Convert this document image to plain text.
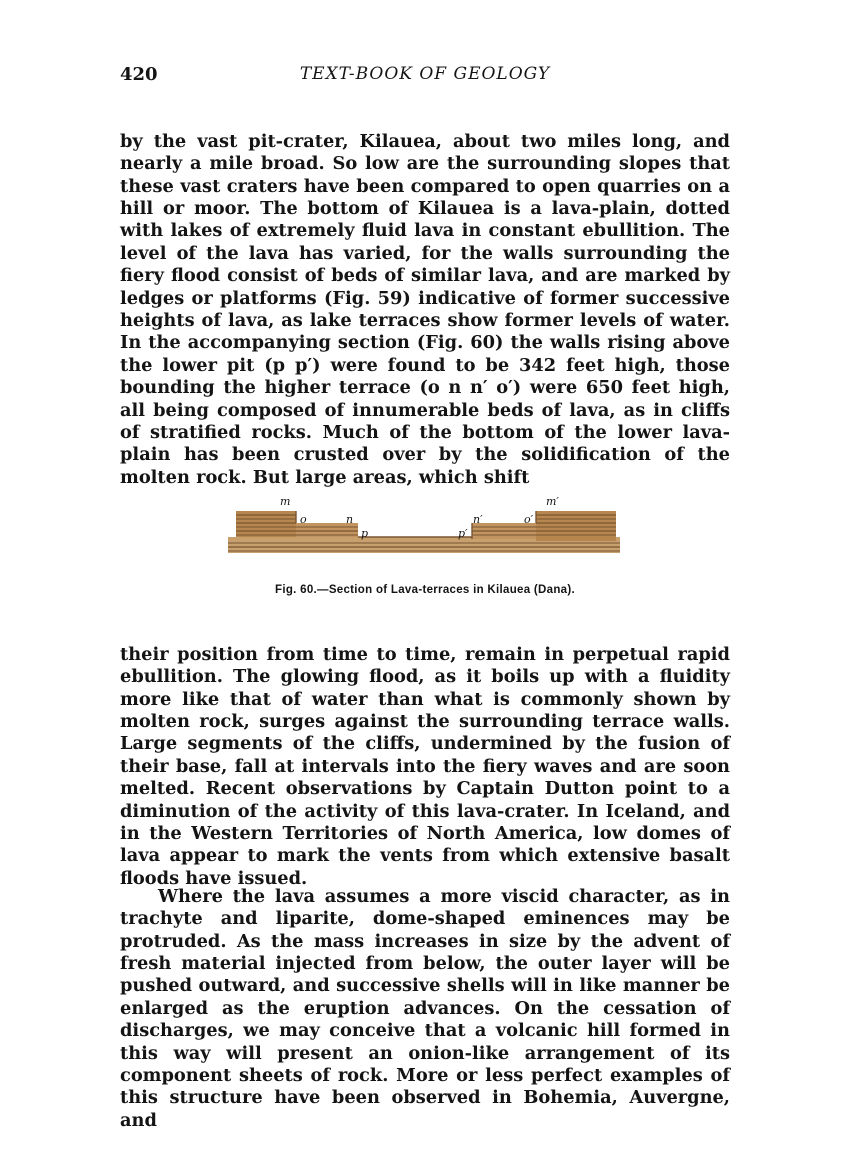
420	TEXT-BOOK OF GEOLOGY

by the vast pit-crater, Kilauea, about two miles long, and nearly a mile broad. So low are the surrounding slopes that these vast craters have been compared to open quarries on a hill or moor. The bottom of Kilauea is a lava-plain, dotted with lakes of extremely fluid lava in constant ebullition. The level of the lava has varied, for the walls surrounding the fiery flood consist of beds of similar lava, and are marked by ledges or platforms (Fig. 59) indicative of former successive heights of lava, as lake terraces show former levels of water. In the accompanying section (Fig. 60) the walls rising above the lower pit (p p′) were found to be 342 feet high, those bounding the higher terrace (o n n′ o′) were 650 feet high, all being composed of innumerable beds of lava, as in cliffs of stratified rocks. Much of the bottom of the lower lava-plain has been crusted over by the solidification of the molten rock. But large areas, which shift

m
o	n
p	p′
n′	o′
m′
Fig. 60.—Section of Lava-terraces in Kilauea (Dana).

their position from time to time, remain in perpetual rapid ebullition. The glowing flood, as it boils up with a fluidity more like that of water than what is commonly shown by molten rock, surges against the surrounding terrace walls. Large segments of the cliffs, undermined by the fusion of their base, fall at intervals into the fiery waves and are soon melted. Recent observations by Captain Dutton point to a diminution of the activity of this lava-crater. In Iceland, and in the Western Territories of North America, low domes of lava appear to mark the vents from which extensive basalt floods have issued.

Where the lava assumes a more viscid character, as in trachyte and liparite, dome-shaped eminences may be protruded. As the mass increases in size by the advent of fresh material injected from below, the outer layer will be pushed outward, and successive shells will in like manner be enlarged as the eruption advances. On the cessation of discharges, we may conceive that a volcanic hill formed in this way will present an onion-like arrangement of its component sheets of rock. More or less perfect examples of this structure have been observed in Bohemia, Auvergne, and
